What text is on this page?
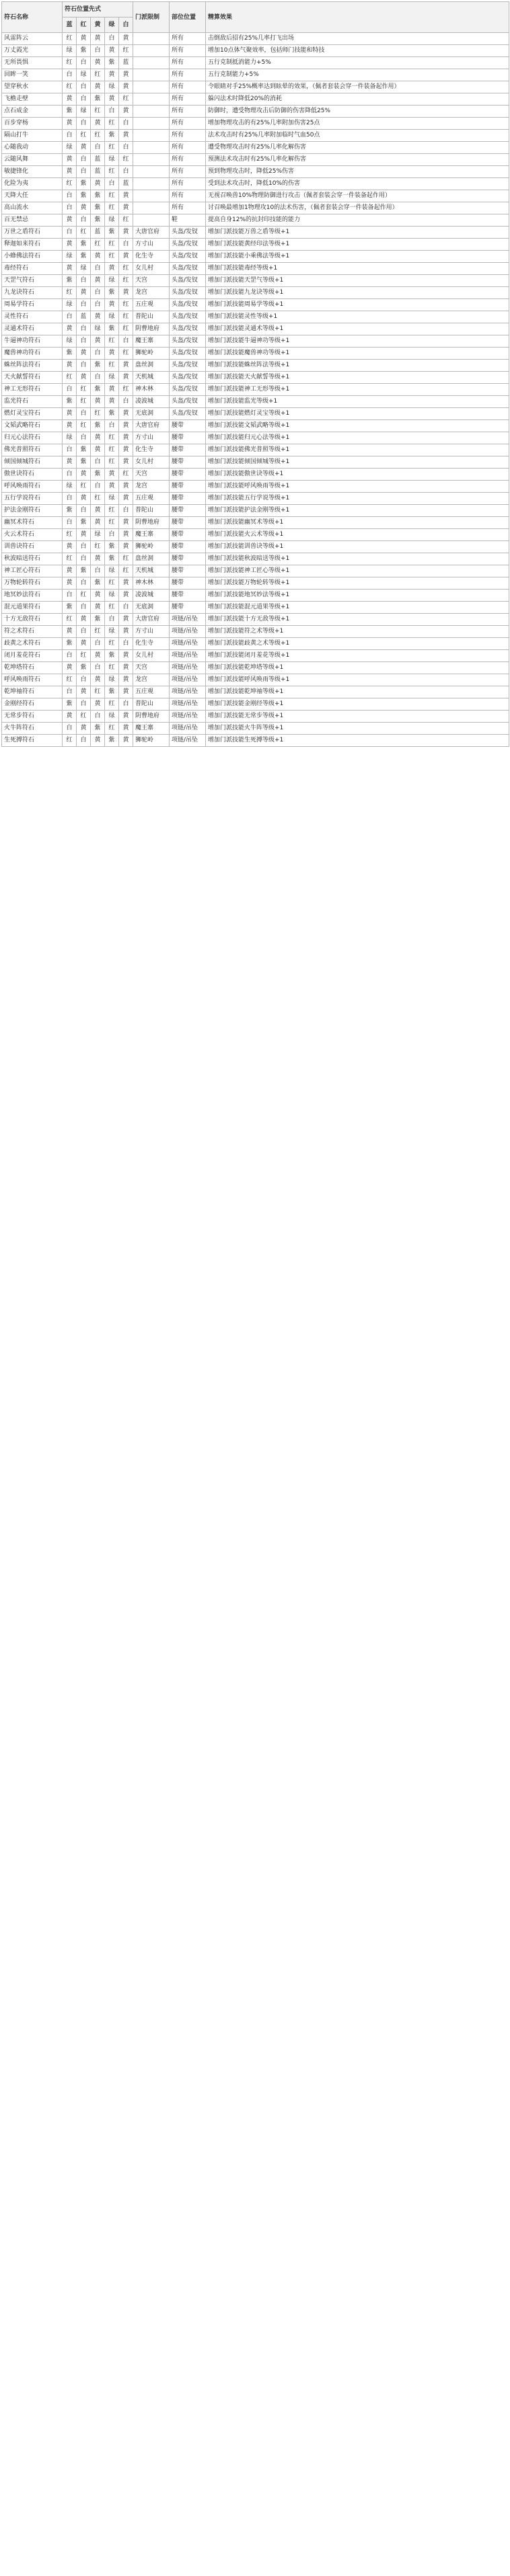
符石名称	符石位置先式					门派限制	部位位置	精算效果
	蓝	红	黄	绿	白			
风雷阵云	红	黄	黄	白	黄		所有	击倒敌后招有25%几率打飞出场
万丈霞光	绿	紫	白	黄	红		所有	增加10点体气聚效率，包括师门技能和特技
无所畏惧	红	白	黄	紫	蓝		所有	五行克制抵消能力+5%
回眸一笑	白	绿	红	黄	黄		所有	五行克制能力+5%
望穿秋水	红	白	黄	绿	黄		所有	令眼睛对手25%概率达到眩晕的效果，（佩者套装会穿一件装备起作用）
飞檐走壁	黄	白	紫	黄	红		所有	躲闪法术时降低20%的消耗
点石成金	紫	绿	红	白	黄		所有	防御时，遭受物理攻击后防御的伤害降低25%
百步穿杨	黄	白	黄	红	白		所有	增加物理攻击的有25%几率附加伤害25点
隔山打牛	白	红	红	紫	黄		所有	法术攻击时有25%几率附加临时气血50点
心随我动	绿	黄	白	红	白		所有	遭受物理攻击时有25%几率化解伤害
云随风舞	黄	白	蓝	绿	红		所有	预测法术攻击时有25%几率化解伤害
敏捷锋化	黄	白	蓝	红	白		所有	预到物理攻击时，降低25%伤害
化险为夷	红	紫	黄	白	蓝		所有	受到法术攻击时，降低10%的伤害
天降大任	白	紫	紫	红	黄		所有	无视召唤兽10%物理防御进行攻击（佩者套装会穿一件装备起作用）
高山流水	白	黄	紫	红	黄		所有	讨召唤最增加1物理攻10的法术伤害，（佩者套装会穿一件装备起作用）
百无禁忌	黄	白	紫	绿	红		鞋	提高自身12%的抗封印技能的能力
万世之盾符石	白	红	蓝	紫	黄	大唐官府	头盔/发钗	增加门派技能万兽之盾等级+1
释迦如来符石	黄	紫	红	红	白	方寸山	头盔/发钗	增加门派技能黄经印法等级+1
小蜂佛法符石	绿	紫	黄	红	黄	化生寺	头盔/发钗	增加门派技能小乘佛法等级+1
毒经符石	黄	绿	白	黄	红	女儿村	头盔/发钗	增加门派技能毒经等级+1
天罡气符石	紫	白	黄	绿	红	天宫	头盔/发钗	增加门派技能天罡气等级+1
九龙诀符石	红	黄	白	紫	黄	龙宫	头盔/发钗	增加门派技能九龙诀等级+1
周易学符石	绿	白	白	黄	红	五庄观	头盔/发钗	增加门派技能周易学等级+1
灵性符石	白	蓝	黄	绿	红	普陀山	头盔/发钗	增加门派技能灵性等级+1
灵通术符石	黄	白	绿	紫	红	阴曹地府	头盔/发钗	增加门派技能灵通术等级+1
牛逼神功符石	绿	白	黄	红	白	魔王寨	头盔/发钗	增加门派技能牛逼神功等级+1
魔兽神功符石	紫	黄	白	黄	红	狮驼岭	头盔/发钗	增加门派技能魔兽神功等级+1
蛛丝阵法符石	黄	白	紫	红	黄	盘丝洞	头盔/发钗	增加门派技能蛛丝阵法等级+1
天火献誓符石	红	黄	白	绿	黄	天机城	头盔/发钗	增加门派技能天火献誓等级+1
神工无形符石	白	红	紫	黄	红	神木林	头盔/发钗	增加门派技能神工无形等级+1
监光符石	紫	红	黄	黄	白	凌波城	头盔/发钗	增加门派技能监光等级+1
燃灯灵宝符石	黄	白	红	紫	黄	无底洞	头盔/发钗	增加门派技能燃灯灵宝等级+1
文韬武略符石	黄	红	紫	白	黄	大唐官府	腰带	增加门派技能文韬武略等级+1
归元心法符石	绿	白	黄	红	黄	方寸山	腰带	增加门派技能归元心法等级+1
佛光普照符石	白	紫	黄	红	黄	化生寺	腰带	增加门派技能佛光普照等级+1
倾国倾城符石	黄	紫	白	红	黄	女儿村	腰带	增加门派技能倾国倾城等级+1
傲世诀符石	白	黄	紫	黄	红	天宫	腰带	增加门派技能傲世诀等级+1
呼风唤雨符石	绿	红	白	黄	黄	龙宫	腰带	增加门派技能呼风唤雨等级+1
五行学说符石	白	黄	红	绿	黄	五庄观	腰带	增加门派技能五行学说等级+1
护法金刚符石	紫	白	黄	红	白	普陀山	腰带	增加门派技能护法金刚等级+1
幽冥术符石	白	紫	黄	红	黄	阴曹地府	腰带	增加门派技能幽冥术等级+1
火云术符石	红	黄	绿	白	黄	魔王寨	腰带	增加门派技能火云术等级+1
训兽诀符石	黄	白	红	紫	黄	狮驼岭	腰带	增加门派技能训兽诀等级+1
秋波暗送符石	红	白	黄	紫	红	盘丝洞	腰带	增加门派技能秋波暗送等级+1
神工匠心符石	黄	紫	白	绿	红	天机城	腰带	增加门派技能神工匠心等级+1
万物轮转符石	黄	白	紫	红	黄	神木林	腰带	增加门派技能万物轮转等级+1
地冥妙法符石	白	红	黄	绿	黄	凌波城	腰带	增加门派技能地冥妙法等级+1
混元道果符石	紫	白	黄	红	白	无底洞	腰带	增加门派技能混元道果等级+1
十方无敌符石	红	黄	紫	白	黄	大唐官府	项链/吊坠	增加门派技能十方无敌等级+1
符之术符石	黄	白	红	绿	黄	方寸山	项链/吊坠	增加门派技能符之术等级+1
歧黄之术符石	紫	黄	白	红	白	化生寺	项链/吊坠	增加门派技能歧黄之术等级+1
闭月羞花符石	白	红	黄	紫	黄	女儿村	项链/吊坠	增加门派技能闭月羞花等级+1
乾坤塔符石	黄	紫	白	红	黄	天宫	项链/吊坠	增加门派技能乾坤塔等级+1
呼风唤雨符石	红	白	黄	绿	黄	龙宫	项链/吊坠	增加门派技能呼风唤雨等级+1
乾坤袖符石	白	黄	红	紫	黄	五庄观	项链/吊坠	增加门派技能乾坤袖等级+1
金刚经符石	紫	白	黄	红	白	普陀山	项链/吊坠	增加门派技能金刚经等级+1
无常步符石	黄	红	白	绿	黄	阴曹地府	项链/吊坠	增加门派技能无常步等级+1
火牛阵符石	白	黄	紫	红	黄	魔王寨	项链/吊坠	增加门派技能火牛阵等级+1
生死搏符石	红	白	黄	紫	黄	狮驼岭	项链/吊坠	增加门派技能生死搏等级+1
